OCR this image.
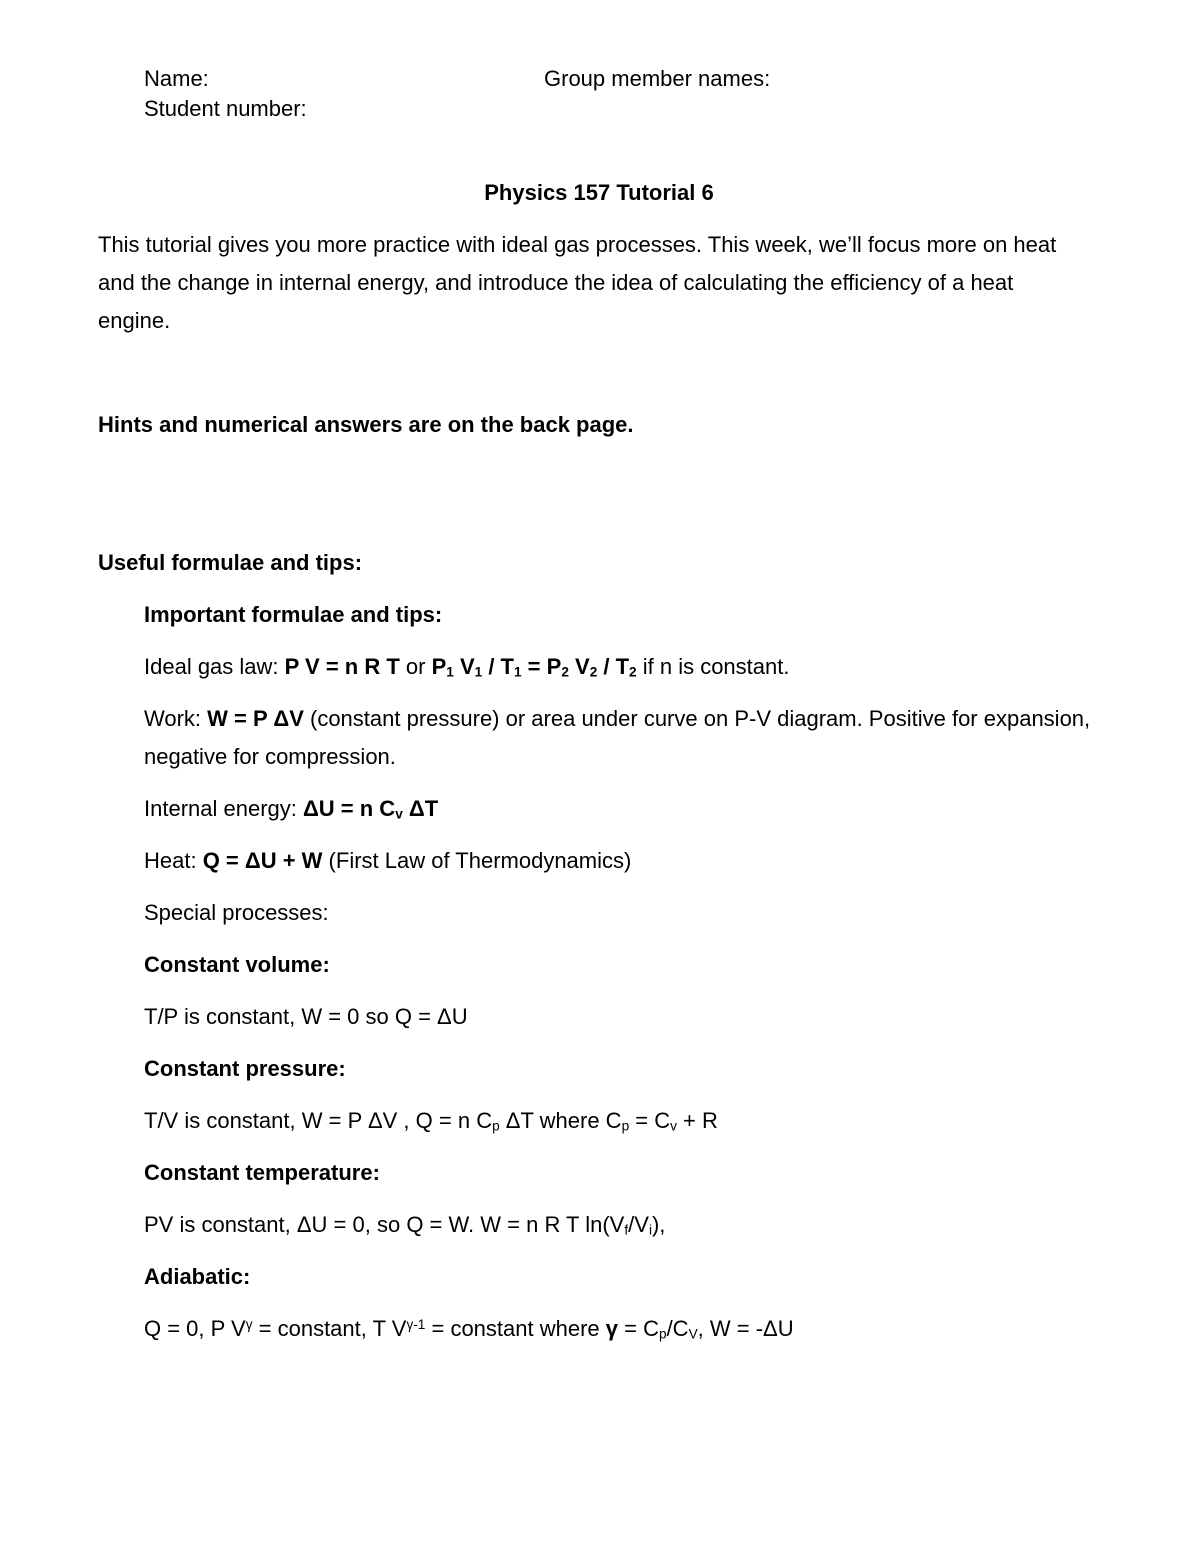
Name:
Student number:
Group member names:
Physics 157 Tutorial 6

This tutorial gives you more practice with ideal gas processes. This week, we’ll focus more on heat and the change in internal energy, and introduce the idea of calculating the efficiency of a heat engine.

Hints and numerical answers are on the back page.

Useful formulae and tips:

Important formulae and tips:

Ideal gas law: P V = n R T or $P_1$ $V_1 / T_1 = P_2$ $V_2 / T_2$ if n is constant.

Work: W = P ΔV (constant pressure) or area under curve on P-V diagram. Positive for expansion, negative for compression.

Internal energy: ΔU = n $C_v$ ΔT

Heat: Q = ΔU + W (First Law of Thermodynamics)

Special processes:

Constant volume:

T/P is constant, W = 0 so Q = ΔU

Constant pressure:

T/V is constant, W = P ΔV , Q = n $C_p$ ΔT where $C_p = C_v + R$

Constant temperature:

PV is constant, ΔU = 0, so Q = W. W = n R T $\ln(V_f/V_i)$,

Adiabatic:

Q = 0, P $V^\gamma$ = constant, T $V^{\gamma-1}$ = constant where $\gamma = C_p/C_V$, W = -ΔU
